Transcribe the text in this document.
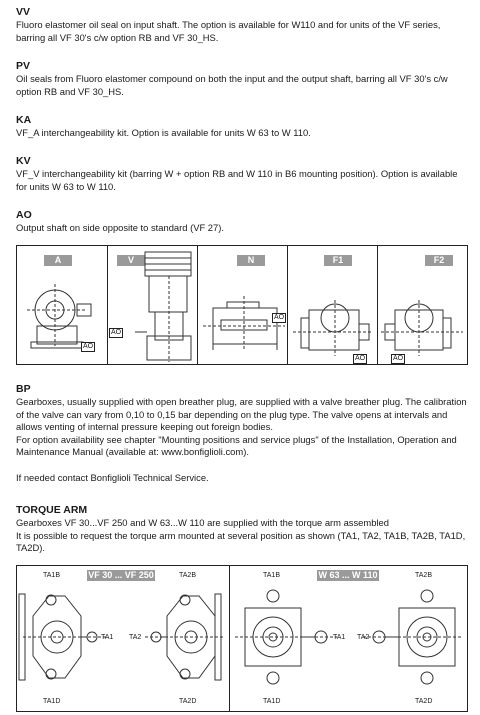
VV
Fluoro elastomer oil seal on input shaft. The option is available for W110 and for units of the VF series, barring all VF 30's c/w option RB and VF 30_HS.
PV
Oil seals from Fluoro elastomer compound on both the input and the output shaft, barring all VF 30's c/w option RB and VF 30_HS.
KA
VF_A interchangeability kit. Option is available for units W 63 to W 110.
KV
VF_V interchangeability kit (barring W + option RB and W 110 in B6 mounting position). Option is available for units W 63 to W 110.
AO
Output shaft on side opposite to standard (VF 27).
A
AO
V
AO
N
AO
F1
AO
F2
AO
BP
Gearboxes, usually supplied with open breather plug, are supplied with a valve breather plug. The calibration of the valve can vary from 0,10 to 0,15 bar depending on the plug type. The valve opens at intervals and allows venting of internal pressure keeping out foreign bodies.
For option availability see chapter "Mounting positions and service plugs" of the Installation, Operation and Maintenance Manual (available at: www.bonfiglioli.com).
If needed contact Bonfiglioli Technical Service.
TORQUE ARM
Gearboxes VF 30...VF 250 and W 63...W 110 are supplied with the torque arm assembled
It is possible to request the torque arm mounted at several position as shown (TA1, TA2, TA1B, TA2B, TA1D, TA2D).
VF 30 ... VF 250	W 63 ... W 110
TA1B	TA2B
TA1 TA2
TA1D	TA2D
TA1B	TA2B
TA1 TA2
TA1D	TA2D
